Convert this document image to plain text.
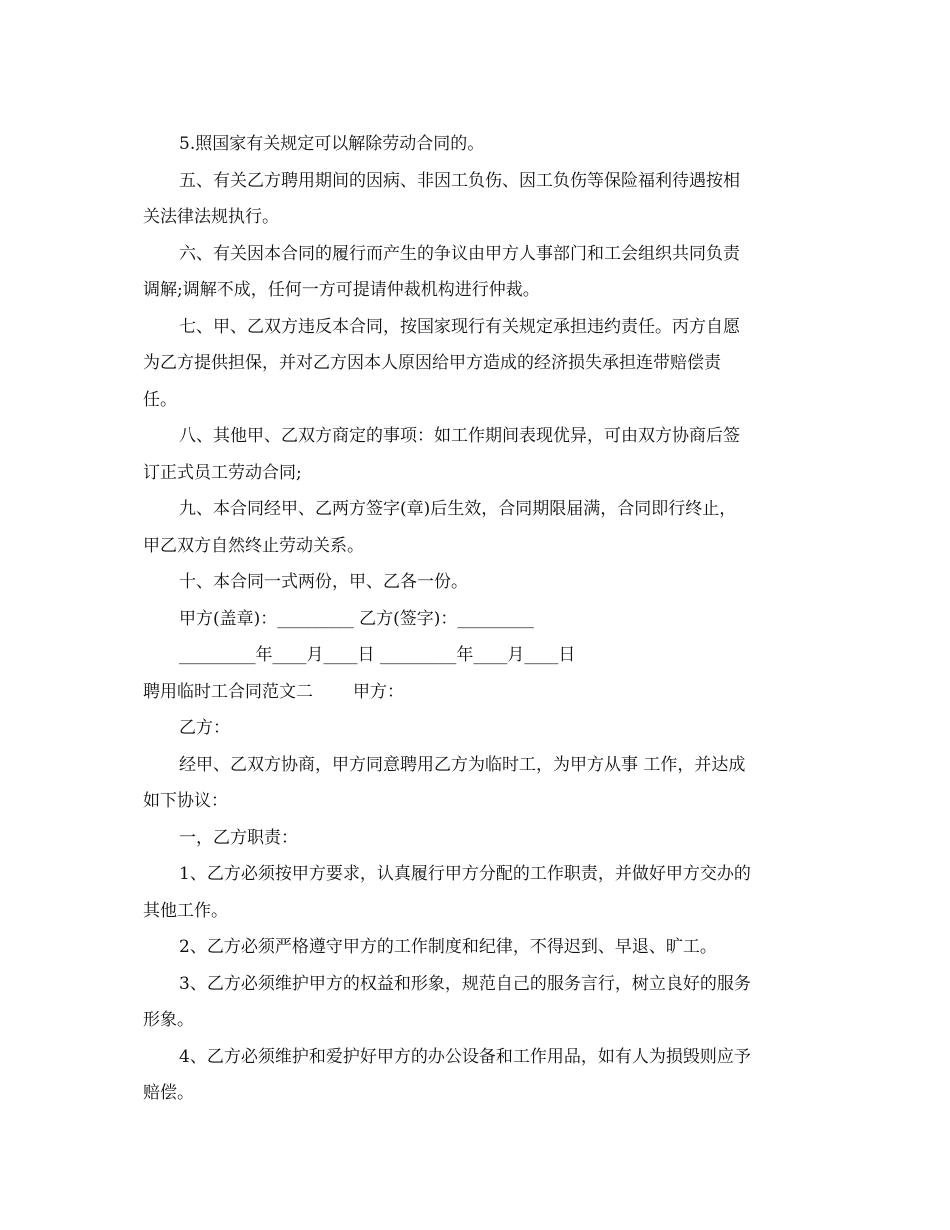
5.照国家有关规定可以解除劳动合同的。
五、有关乙方聘用期间的因病、非因工负伤、因工负伤等保险福利待遇按相
关法律法规执行。
六、有关因本合同的履行而产生的争议由甲方人事部门和工会组织共同负责
调解;调解不成，任何一方可提请仲裁机构进行仲裁。
七、甲、乙双方违反本合同，按国家现行有关规定承担违约责任。丙方自愿
为乙方提供担保，并对乙方因本人原因给甲方造成的经济损失承担连带赔偿责
任。
八、其他甲、乙双方商定的事项：如工作期间表现优异，可由双方协商后签
订正式员工劳动合同;
九、本合同经甲、乙两方签字(章)后生效，合同期限届满，合同即行终止，
甲乙双方自然终止劳动关系。
十、本合同一式两份，甲、乙各一份。
甲方(盖章)：_________ 乙方(签字)：_________
_________年____月____日 _________年____月____日
聘用临时工合同范文二 甲方：
乙方：
经甲、乙双方协商，甲方同意聘用乙方为临时工，为甲方从事 工作，并达成
如下协议：
一，乙方职责：
1、乙方必须按甲方要求，认真履行甲方分配的工作职责，并做好甲方交办的
其他工作。
2、乙方必须严格遵守甲方的工作制度和纪律，不得迟到、早退、旷工。
3、乙方必须维护甲方的权益和形象，规范自己的服务言行，树立良好的服务
形象。
4、乙方必须维护和爱护好甲方的办公设备和工作用品，如有人为损毁则应予
赔偿。
